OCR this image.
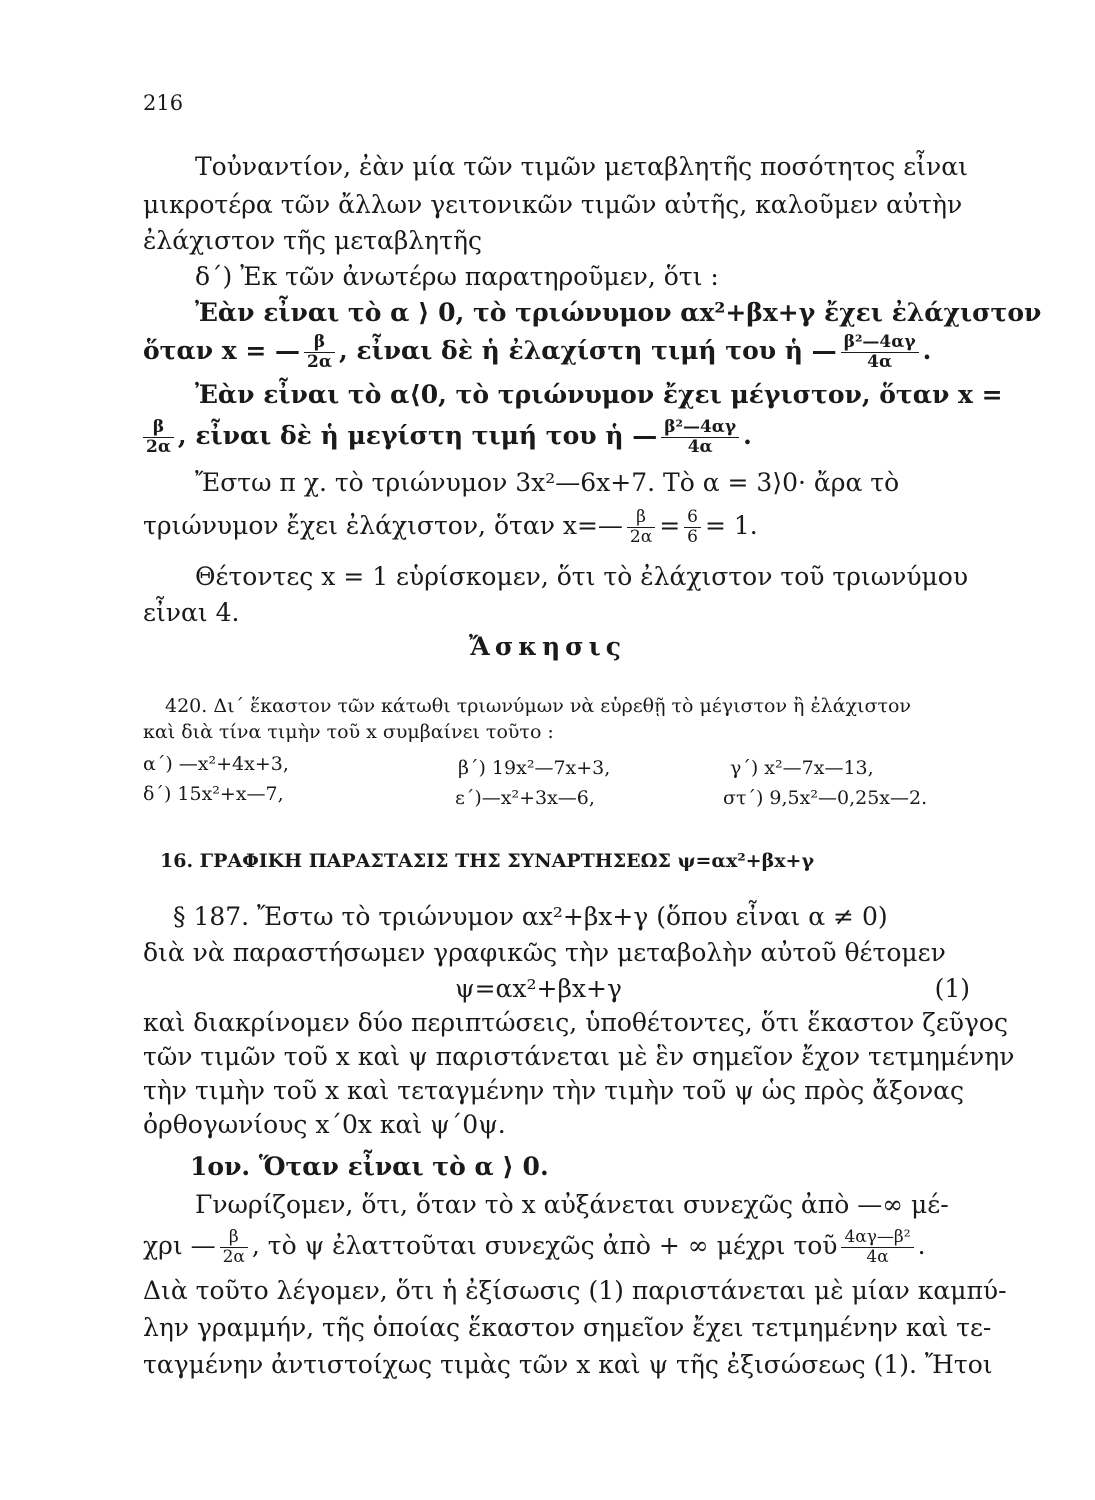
216
Τοὐναντίον, ἐὰν μία τῶν τιμῶν μεταβλητῆς ποσότητος εἶναι
μικροτέρα τῶν ἄλλων γειτονικῶν τιμῶν αὐτῆς, καλοῦμεν αὐτὴν
ἐλάχιστον τῆς μεταβλητῆς
δ΄) Ἐκ τῶν ἀνωτέρω παρατηροῦμεν, ὅτι :
Ἐὰν εἶναι τὸ α ⟩ 0, τὸ τριώνυμον αx²+βx+γ ἔχει ἐλάχιστον
ὅταν x = — $\frac{\beta}{2\alpha}$ , εἶναι δὲ ἡ ἐλαχίστη τιμή του ἡ — $\frac{\text{β²—4αγ}}{4\alpha}$ .
Ἐὰν εἶναι τὸ α⟨0, τὸ τριώνυμον ἔχει μέγιστον, ὅταν x =
$\frac{\beta}{2\alpha}$ , εἶναι δὲ ἡ μεγίστη τιμή του ἡ — $\frac{\text{β²—4αγ}}{4\alpha}$ .
Ἔστω π χ. τὸ τριώνυμον 3x²—6x+7. Τὸ α = 3⟩0· ἄρα τὸ
τριώνυμον ἔχει ἐλάχιστον, ὅταν x=— $\frac{\beta}{2\alpha} = \frac{6}{6} = 1$.
Θέτοντες x = 1 εὑρίσκομεν, ὅτι τὸ ἐλάχιστον τοῦ τριωνύμου
εἶναι 4.
Ἄσκησις
420. Δι΄ ἕκαστον τῶν κάτωθι τριωνύμων νὰ εὑρεθῇ τὸ μέγιστον ἢ ἐλάχιστον
καὶ διὰ τίνα τιμὴν τοῦ x συμβαίνει τοῦτο :
α΄) —x²+4x+3,	β΄) 19x²—7x+3,	γ΄) x²—7x—13,
δ΄) 15x²+x—7,	ε΄)—x²+3x—6,	στ΄) 9,5x²—0,25x—2.
16. ΓΡΑΦΙΚΗ ΠΑΡΑΣΤΑΣΙΣ ΤΗΣ ΣΥΝΑΡΤΗΣΕΩΣ ψ=αx²+βx+γ
§ 187. Ἔστω τὸ τριώνυμον αx²+βx+γ (ὅπου εἶναι α ≠ 0)
διὰ νὰ παραστήσωμεν γραφικῶς τὴν μεταβολὴν αὐτοῦ θέτομεν
ψ=αx²+βx+γ	(1)
καὶ διακρίνομεν δύο περιπτώσεις, ὑποθέτοντες, ὅτι ἕκαστον ζεῦγος
τῶν τιμῶν τοῦ x καὶ ψ παριστάνεται μὲ ἓν σημεῖον ἔχον τετμημένην
τὴν τιμὴν τοῦ x καὶ τεταγμένην τὴν τιμὴν τοῦ ψ ὡς πρὸς ἄξονας
ὀρθογωνίους x΄0x καὶ ψ΄0ψ.
1ον. Ὅταν εἶναι τὸ α ⟩ 0.
Γνωρίζομεν, ὅτι, ὅταν τὸ x αὐξάνεται συνεχῶς ἀπὸ —∞ μέ-
χρι — $\frac{\beta}{2\alpha}$ , τὸ ψ ἐλαττοῦται συνεχῶς ἀπὸ + ∞ μέχρι τοῦ $\frac{\text{4αγ—β²}}{4\alpha}$ .
Διὰ τοῦτο λέγομεν, ὅτι ἡ ἐξίσωσις (1) παριστάνεται μὲ μίαν καμπύ-
λην γραμμήν, τῆς ὁποίας ἕκαστον σημεῖον ἔχει τετμημένην καὶ τε-
ταγμένην ἀντιστοίχως τιμὰς τῶν x καὶ ψ τῆς ἐξισώσεως (1). Ἤτοι
